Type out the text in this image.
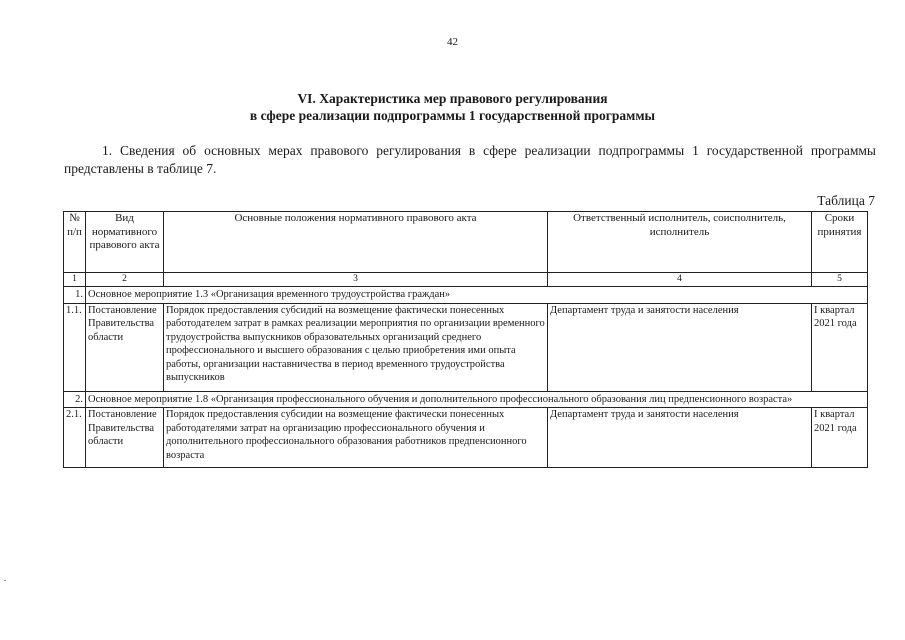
42
VI. Характеристика мер правового регулирования
в сфере реализации подпрограммы 1 государственной программы

1. Сведения об основных мерах правового регулирования в сфере реализации подпрограммы 1 государственной программы представлены в таблице 7.

Таблица 7
№ п/п	Вид нормативного правового акта	Основные положения нормативного правового акта	Ответственный исполнитель, соисполнитель, исполнитель	Сроки принятия
1	2	3	4	5
1.	Основное мероприятие 1.3 «Организация временного трудоустройства граждан»			
1.1.	Постановление Правительства области	Порядок предоставления субсидий на возмещение фактически понесенных работодателем затрат в рамках реализации мероприятия по организации временного трудоустройства выпускников образовательных организаций среднего профессионального и высшего образования с целью приобретения ими опыта работы, организации наставничества в период временного трудоустройства выпускников	Департамент труда и занятости населения	I квартал 2021 года
2.	Основное мероприятие 1.8 «Организация профессионального обучения и дополнительного профессионального образования лиц предпенсионного возраста»			
2.1.	Постановление Правительства области	Порядок предоставления субсидии на возмещение фактически понесенных работодателями затрат на организацию профессионального обучения и дополнительного профессионального образования работников предпенсионного возраста	Департамент труда и занятости населения	I квартал 2021 года
